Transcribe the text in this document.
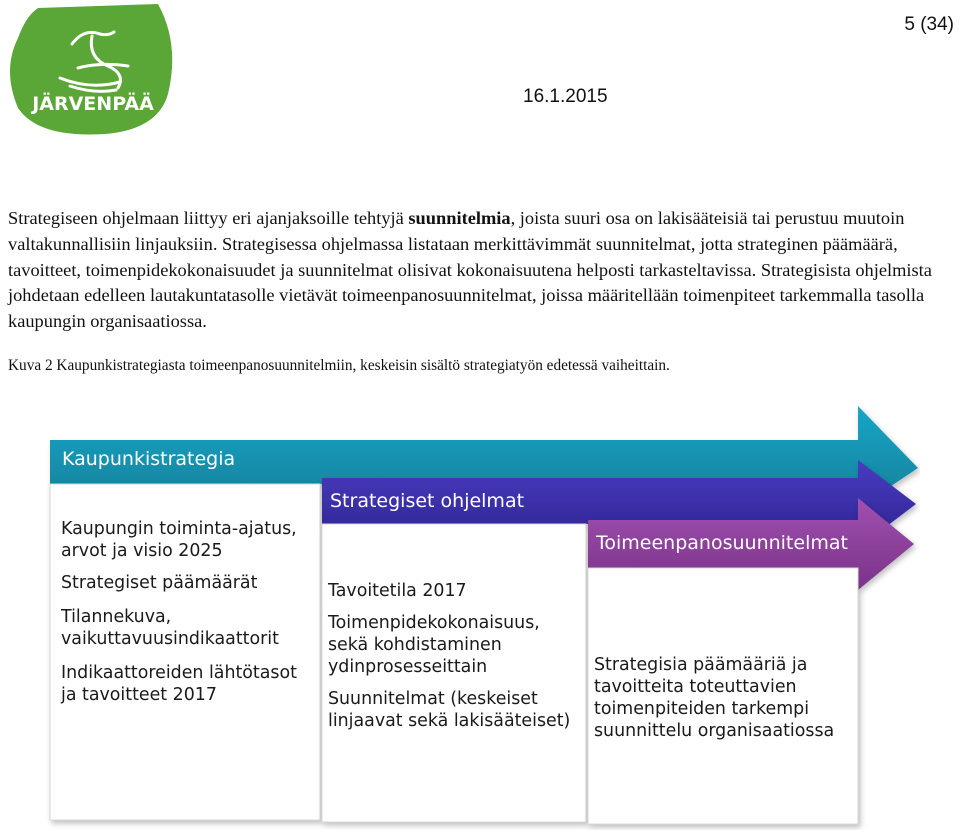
JÄRVENPÄÄ
5 (34)
16.1.2015

Strategiseen ohjelmaan liittyy eri ajanjaksoille tehtyjä suunnitelmia, joista suuri osa on lakisääteisiä tai perustuu muutoin valtakunnallisiin linjauksiin. Strategisessa ohjelmassa listataan merkittävimmät suunnitelmat, jotta strateginen päämäärä, tavoitteet, toimenpidekokonaisuudet ja suunnitelmat olisivat kokonaisuutena helposti tarkasteltavissa. Strategisista ohjelmista johdetaan edelleen lautakuntatasolle vietävät toimeenpanosuunnitelmat, joissa määritellään toimenpiteet tarkemmalla tasolla kaupungin organisaatiossa.

Kuva 2 Kaupunkistrategiasta toimeenpanosuunnitelmiin, keskeisin sisältö strategiatyön edetessä vaiheittain.

Kaupunkistrategia
Strategiset ohjelmat
Toimeenpanosuunnitelmat
Kaupungin toiminta-ajatus,
arvot ja visio 2025
Strategiset päämäärät
Tilannekuva,
vaikuttavuusindikaattorit
Indikaattoreiden lähtötasot
ja tavoitteet 2017
Tavoitetila 2017
Toimenpidekokonaisuus,
sekä kohdistaminen
ydinprosesseittain
Suunnitelmat (keskeiset
linjaavat sekä lakisääteiset)
Strategisia päämääriä ja
tavoitteita toteuttavien
toimenpiteiden tarkempi
suunnittelu organisaatiossa
